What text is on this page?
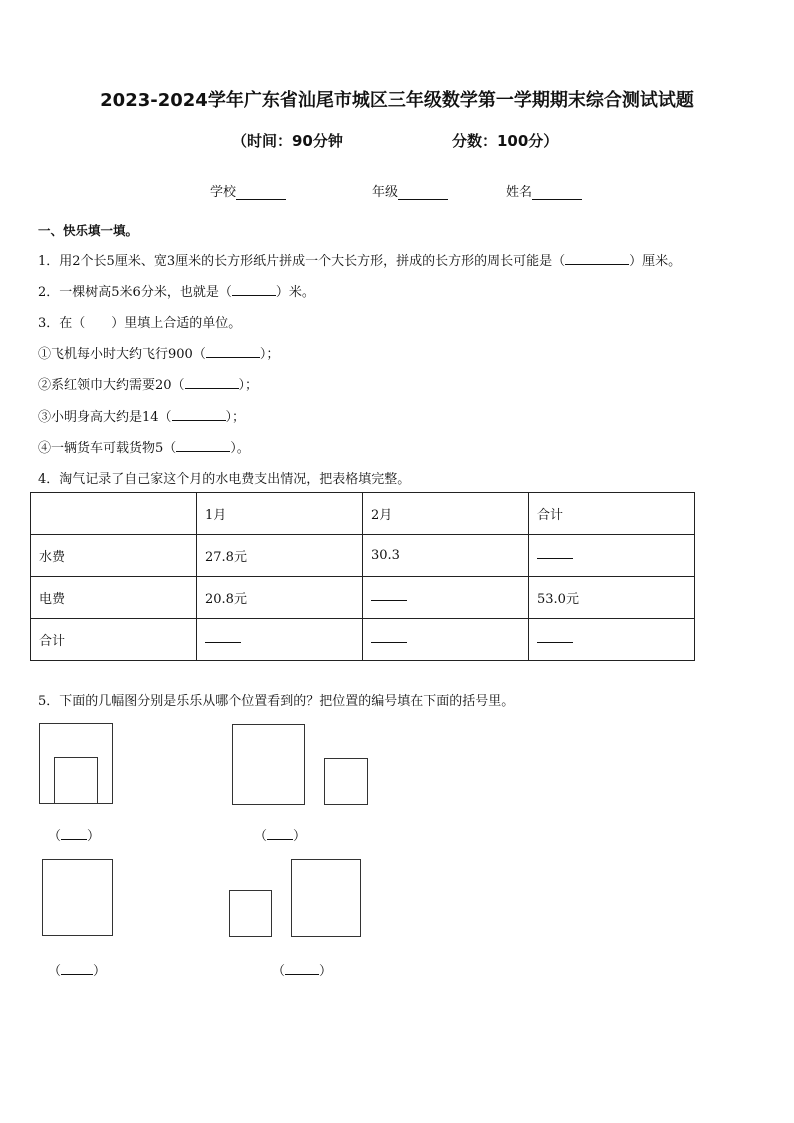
2023-2024学年广东省汕尾市城区三年级数学第一学期期末综合测试试题
（时间：90分钟	分数：100分）
学校	年级	姓名
一、快乐填一填。
1．用2个长5厘米、宽3厘米的长方形纸片拼成一个大长方形，拼成的长方形的周长可能是（	）厘米。
2．一棵树高5米6分米，也就是（	）米。
3．在（　　）里填上合适的单位。
①飞机每小时大约飞行900（	）；
②系红领巾大约需要20（	）；
③小明身高大约是14（	）；
④一辆货车可载货物5（	）。
4．淘气记录了自己家这个月的水电费支出情况，把表格填完整。
	1月	2月	合计
水费	27.8元	30.3	
电费	20.8元		53.0元
合计			
5．下面的几幅图分别是乐乐从哪个位置看到的？把位置的编号填在下面的括号里。
（ ）	（ ）
（ ）	（	）
